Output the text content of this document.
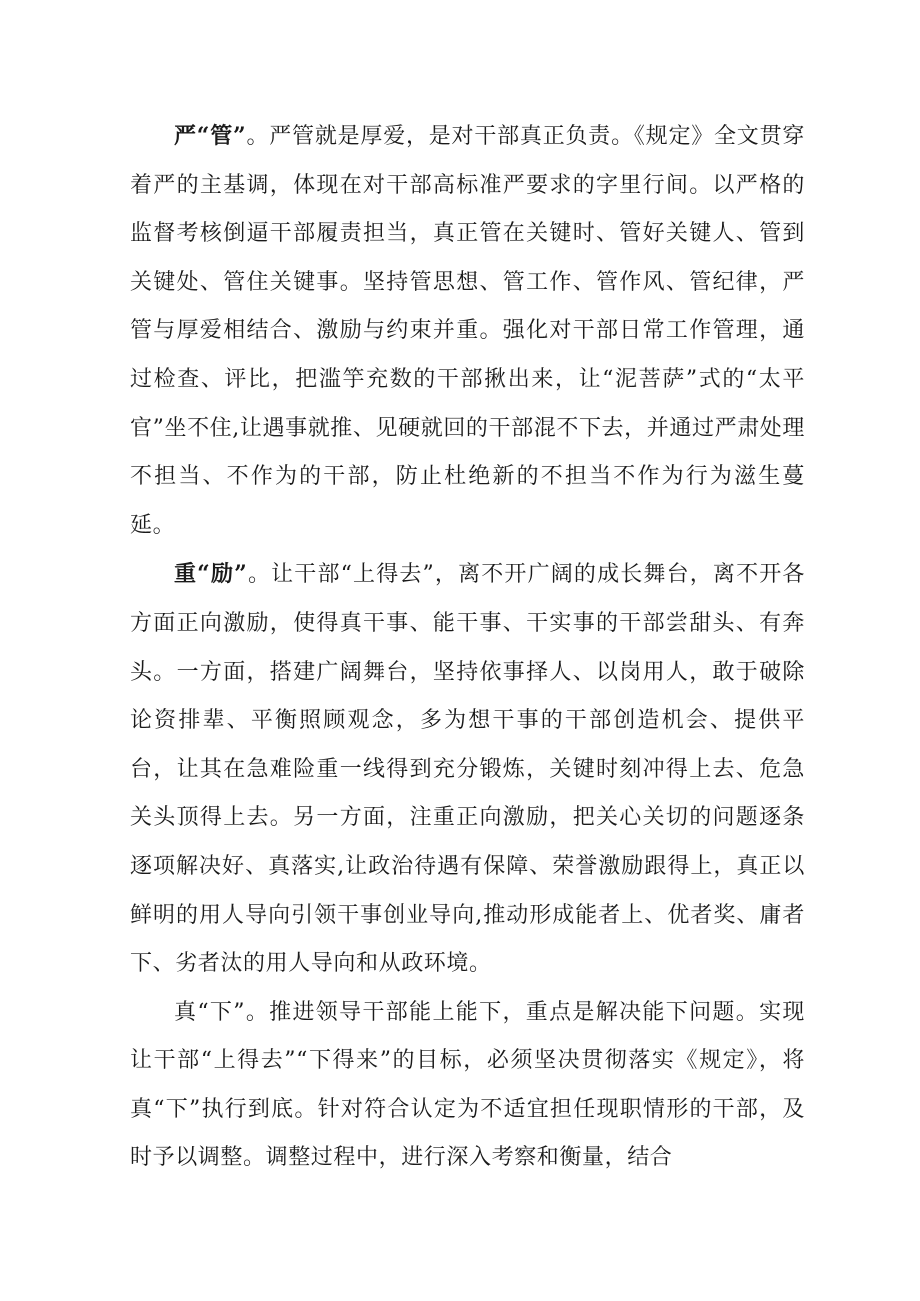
严“管”。严管就是厚爱，是对干部真正负责。《规定》全文贯穿着严的主基调，体现在对干部高标准严要求的字里行间。以严格的监督考核倒逼干部履责担当，真正管在关键时、管好关键人、管到关键处、管住关键事。坚持管思想、管工作、管作风、管纪律，严管与厚爱相结合、激励与约束并重。强化对干部日常工作管理，通过检查、评比，把滥竽充数的干部揪出来，让“泥菩萨”式的“太平官”坐不住,让遇事就推、见硬就回的干部混不下去，并通过严肃处理不担当、不作为的干部，防止杜绝新的不担当不作为行为滋生蔓延。

重“励”。让干部“上得去”，离不开广阔的成长舞台，离不开各方面正向激励，使得真干事、能干事、干实事的干部尝甜头、有奔头。一方面，搭建广阔舞台，坚持依事择人、以岗用人，敢于破除论资排辈、平衡照顾观念，多为想干事的干部创造机会、提供平台，让其在急难险重一线得到充分锻炼，关键时刻冲得上去、危急关头顶得上去。另一方面，注重正向激励，把关心关切的问题逐条逐项解决好、真落实,让政治待遇有保障、荣誉激励跟得上，真正以鲜明的用人导向引领干事创业导向,推动形成能者上、优者奖、庸者下、劣者汰的用人导向和从政环境。

真“下”。推进领导干部能上能下，重点是解决能下问题。实现让干部“上得去”“下得来”的目标，必须坚决贯彻落实《规定》，将真“下”执行到底。针对符合认定为不适宜担任现职情形的干部，及时予以调整。调整过程中，进行深入考察和衡量，结合
